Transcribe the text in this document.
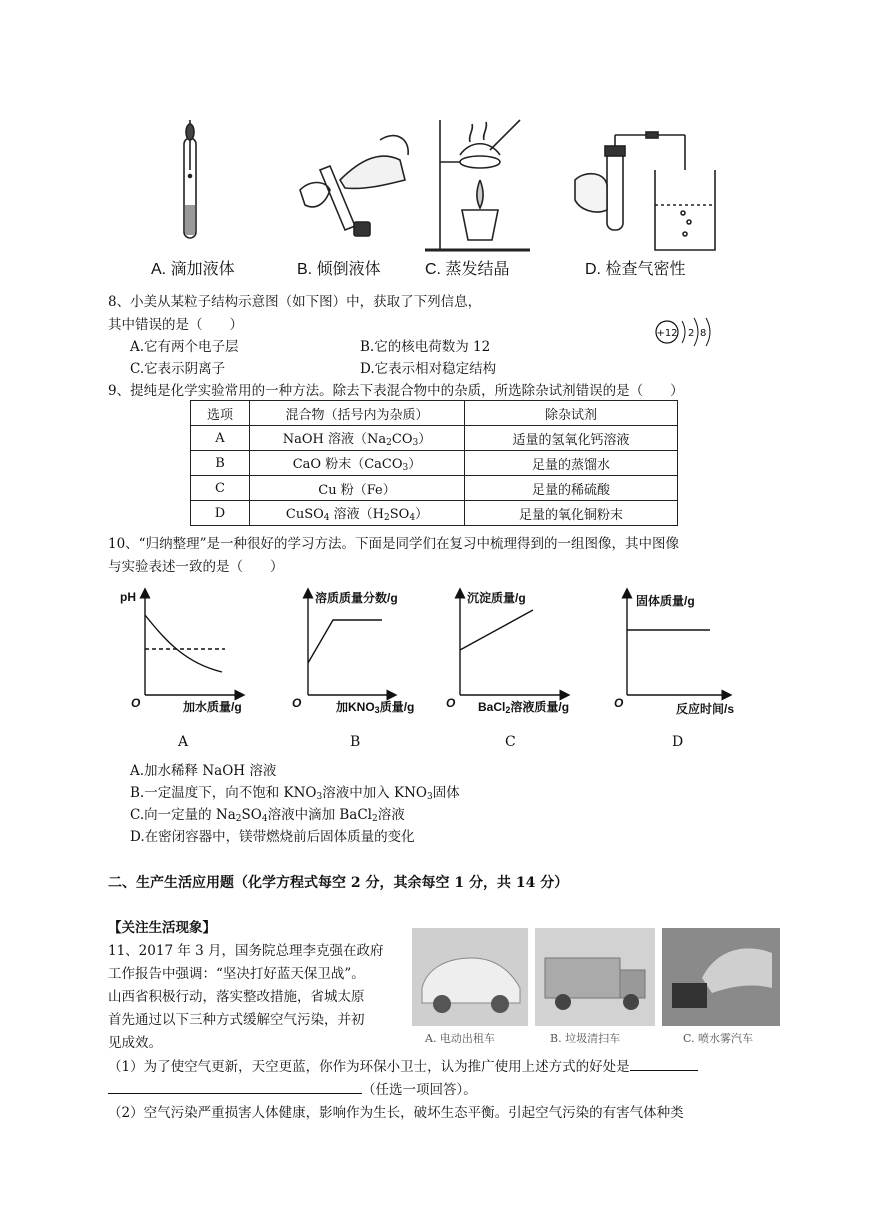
A. 滴加液体	B. 倾倒液体	C. 蒸发结晶	D. 检查气密性
8、小美从某粒子结构示意图（如下图）中，获取了下列信息，
其中错误的是（　　）
A.它有两个电子层	B.它的核电荷数为 12
C.它表示阴离子	D.它表示相对稳定结构
+12 2 8
9、提纯是化学实验常用的一种方法。除去下表混合物中的杂质，所选除杂试剂错误的是（　　）
选项	混合物（括号内为杂质）	除杂试剂
A	NaOH 溶液$(Na_2CO_3)$	适量的氢氧化钙溶液
B	CaO 粉末（CaCO$_3$）	足量的蒸馏水
C	Cu 粉（Fe）	足量的稀硫酸
D	CuSO$_4$ 溶液$(H_2SO_4)$	足量的氧化铜粉末
10、“归纳整理”是一种很好的学习方法。下面是同学们在复习中梳理得到的一组图像，其中图像
与实验表述一致的是（　　）
pH
O	加水质量/g
溶质质量分数/g
O	加$KNO_3$质量/g
沉淀质量/g
O BaCl$_2$溶液质量/g
固体质量/g
O	反应时间/s
A	B	C	D
A.加水稀释 NaOH 溶液
B.一定温度下，向不饱和 $KNO_3$溶液中加入 $KNO_3$固体
C.向一定量的 $Na_2SO_4$溶液中滴加 BaCl$_2$溶液
D.在密闭容器中，镁带燃烧前后固体质量的变化
二、生产生活应用题（化学方程式每空 2 分，其余每空 1 分，共 14 分）
【关注生活现象】
11、2017 年 3 月，国务院总理李克强在政府
工作报告中强调：“坚决打好蓝天保卫战”。
山西省积极行动，落实整改措施，省城太原
首先通过以下三种方式缓解空气污染，并初
见成效。	A. 电动出租车	B. 垃圾清扫车	C. 喷水雾汽车
（1）为了使空气更新，天空更蓝，你作为环保小卫士，认为推广使用上述方式的好处是
（任选一项回答）。
（2）空气污染严重损害人体健康，影响作为生长，破坏生态平衡。引起空气污染的有害气体种类
